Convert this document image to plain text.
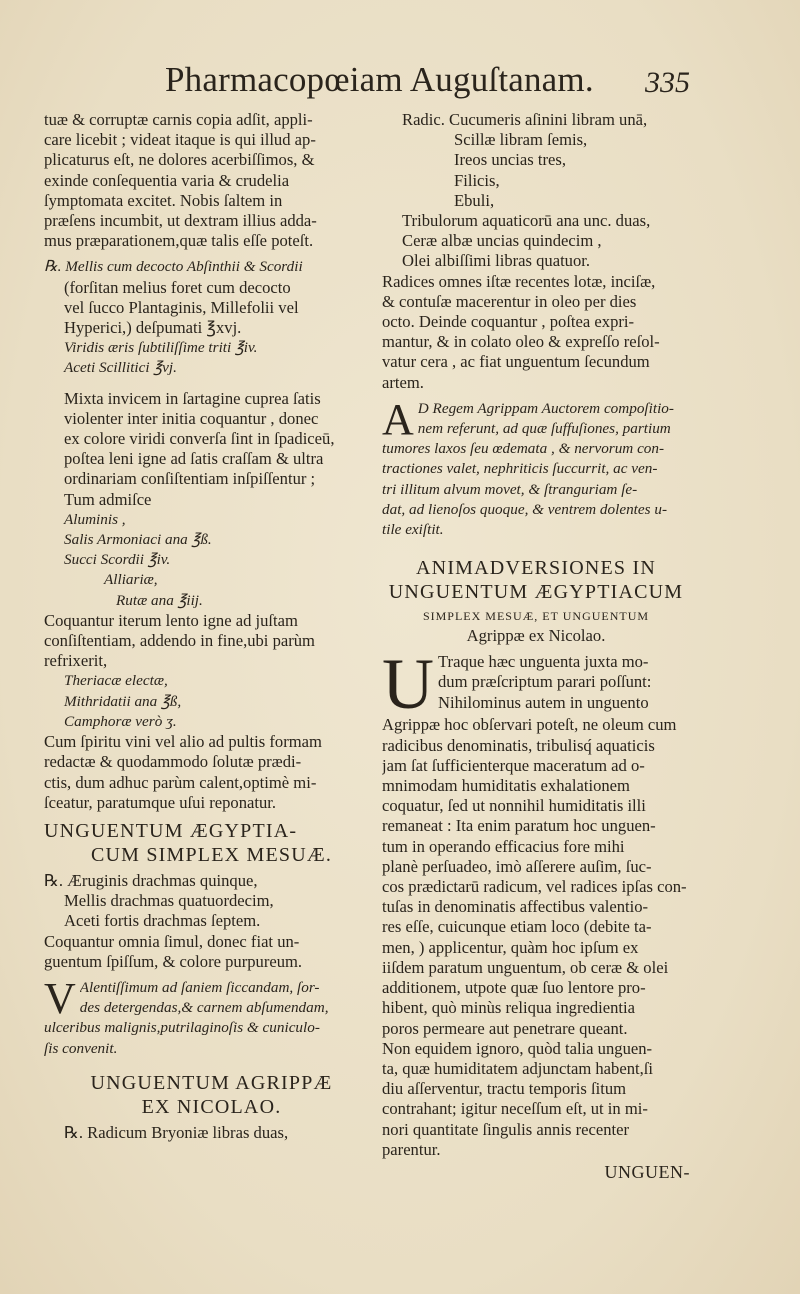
Pharmacopœiam Auguſtanam. 335
tuæ & corruptæ carnis copia adſit, appli-
care licebit ; videat itaque is qui illud ap-
plicaturus eſt, ne dolores acerbiſſimos, &
exinde conſequentia varia & crudelia
ſymptomata excitet. Nobis ſaltem in
præſens incumbit, ut dextram illius adda-
mus præparationem,quæ talis eſſe poteſt.
℞. Mellis cum decocto Abſinthii & Scordii
(forſitan melius foret cum decocto
vel ſucco Plantaginis, Millefolii vel
Hyperici,) deſpumati ℥xvj.
Viridis æris ſubtiliſſime triti ℥iv.
Aceti Scillitici ℥vj.
Mixta invicem in ſartagine cuprea ſatis
violenter inter initia coquantur , donec
ex colore viridi converſa ſint in ſpadiceū,
poſtea leni igne ad ſatis craſſam & ultra
ordinariam conſiſtentiam inſpiſſentur ;
Tum admiſce
Aluminis ,
Salis Armoniaci ana ℥ß.
Succi Scordii ℥iv.
Alliariæ,
Rutæ ana ℥iij.
Coquantur iterum lento igne ad juſtam
conſiſtentiam, addendo in fine,ubi parùm
refrixerit,
Theriacæ electæ,
Mithridatii ana ℥ß,
Camphoræ verò ʒ.
Cum ſpiritu vini vel alio ad pultis formam
redactæ & quodammodo ſolutæ prædi-
ctis, dum adhuc parùm calent,optimè mi-
ſceatur, paratumque uſui reponatur.
UNGUENTUM ÆGYPTIA-
CUM SIMPLEX MESUÆ.
℞. Æruginis drachmas quinque,
Mellis drachmas quatuordecim,
Aceti fortis drachmas ſeptem.
Coquantur omnia ſimul, donec fiat un-
guentum ſpiſſum, & colore purpureum.
V Alentiſſimum ad ſaniem ſiccandam, ſor-
des detergendas,& carnem abſumendam,
ulceribus malignis,putrilaginoſis & cuniculo-
ſis convenit.
UNGUENTUM AGRIPPÆ
EX NICOLAO.
℞. Radicum Bryoniæ libras duas,
Radic. Cucumeris aſinini libram unā,
Scillæ libram ſemis,
Ireos uncias tres,
Filicis,
Ebuli,
Tribulorum aquaticorū ana unc. duas,
Ceræ albæ uncias quindecim ,
Olei albiſſimi libras quatuor.
Radices omnes iſtæ recentes lotæ, inciſæ,
& contuſæ macerentur in oleo per dies
octo. Deinde coquantur , poſtea expri-
mantur, & in colato oleo & expreſſo reſol-
vatur cera , ac fiat unguentum ſecundum
artem.
A D Regem Agrippam Auctorem compoſitio-
nem referunt, ad quæ ſuffuſiones, partium
tumores laxos ſeu œdemata , & nervorum con-
tractiones valet, nephriticis ſuccurrit, ac ven-
tri illitum alvum movet, & ſtranguriam ſe-
dat, ad lienoſos quoque, & ventrem dolentes u-
tile exiſtit.
ANIMADVERSIONES IN
UNGUENTUM ÆGYPTIACUM
SIMPLEX MESUÆ, ET UNGUENTUM
Agrippæ ex Nicolao.
U Traque hæc unguenta juxta mo-
dum præſcriptum parari poſſunt:
Nihilominus autem in unguento
Agrippæ hoc obſervari poteſt, ne oleum cum
radicibus denominatis, tribulisq́ aquaticis
jam ſat ſufficienterque maceratum ad o-
mnimodam humiditatis exhalationem
coquatur, ſed ut nonnihil humiditatis illi
remaneat : Ita enim paratum hoc unguen-
tum in operando efficacius fore mihi
planè perſuadeo, imò aſſerere auſim, ſuc-
cos prædictarū radicum, vel radices ipſas con-
tuſas in denominatis affectibus valentio-
res eſſe, cuicunque etiam loco (debite ta-
men, ) applicentur, quàm hoc ipſum ex
iiſdem paratum unguentum, ob ceræ & olei
additionem, utpote quæ ſuo lentore pro-
hibent, quò minùs reliqua ingredientia
poros permeare aut penetrare queant.
Non equidem ignoro, quòd talia unguen-
ta, quæ humiditatem adjunctam habent,ſi
diu aſſerventur, tractu temporis ſitum
contrahant; igitur neceſſum eſt, ut in mi-
nori quantitate ſingulis annis recenter
parentur.
UNGUEN-
